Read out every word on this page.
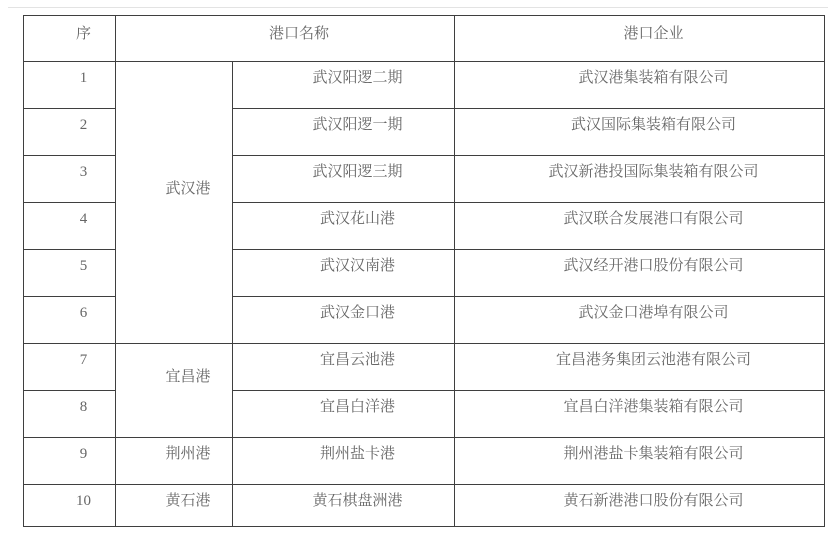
序	港口名称		港口企业
1	武汉港	武汉阳逻二期	武汉港集装箱有限公司
2		武汉阳逻一期	武汉国际集装箱有限公司
3		武汉阳逻三期	武汉新港投国际集装箱有限公司
4		武汉花山港	武汉联合发展港口有限公司
5		武汉汉南港	武汉经开港口股份有限公司
6		武汉金口港	武汉金口港埠有限公司
7	宜昌港	宜昌云池港	宜昌港务集团云池港有限公司
8		宜昌白洋港	宜昌白洋港集装箱有限公司
9	荆州港	荆州盐卡港	荆州港盐卡集装箱有限公司
10	黄石港	黄石棋盘洲港	黄石新港港口股份有限公司
